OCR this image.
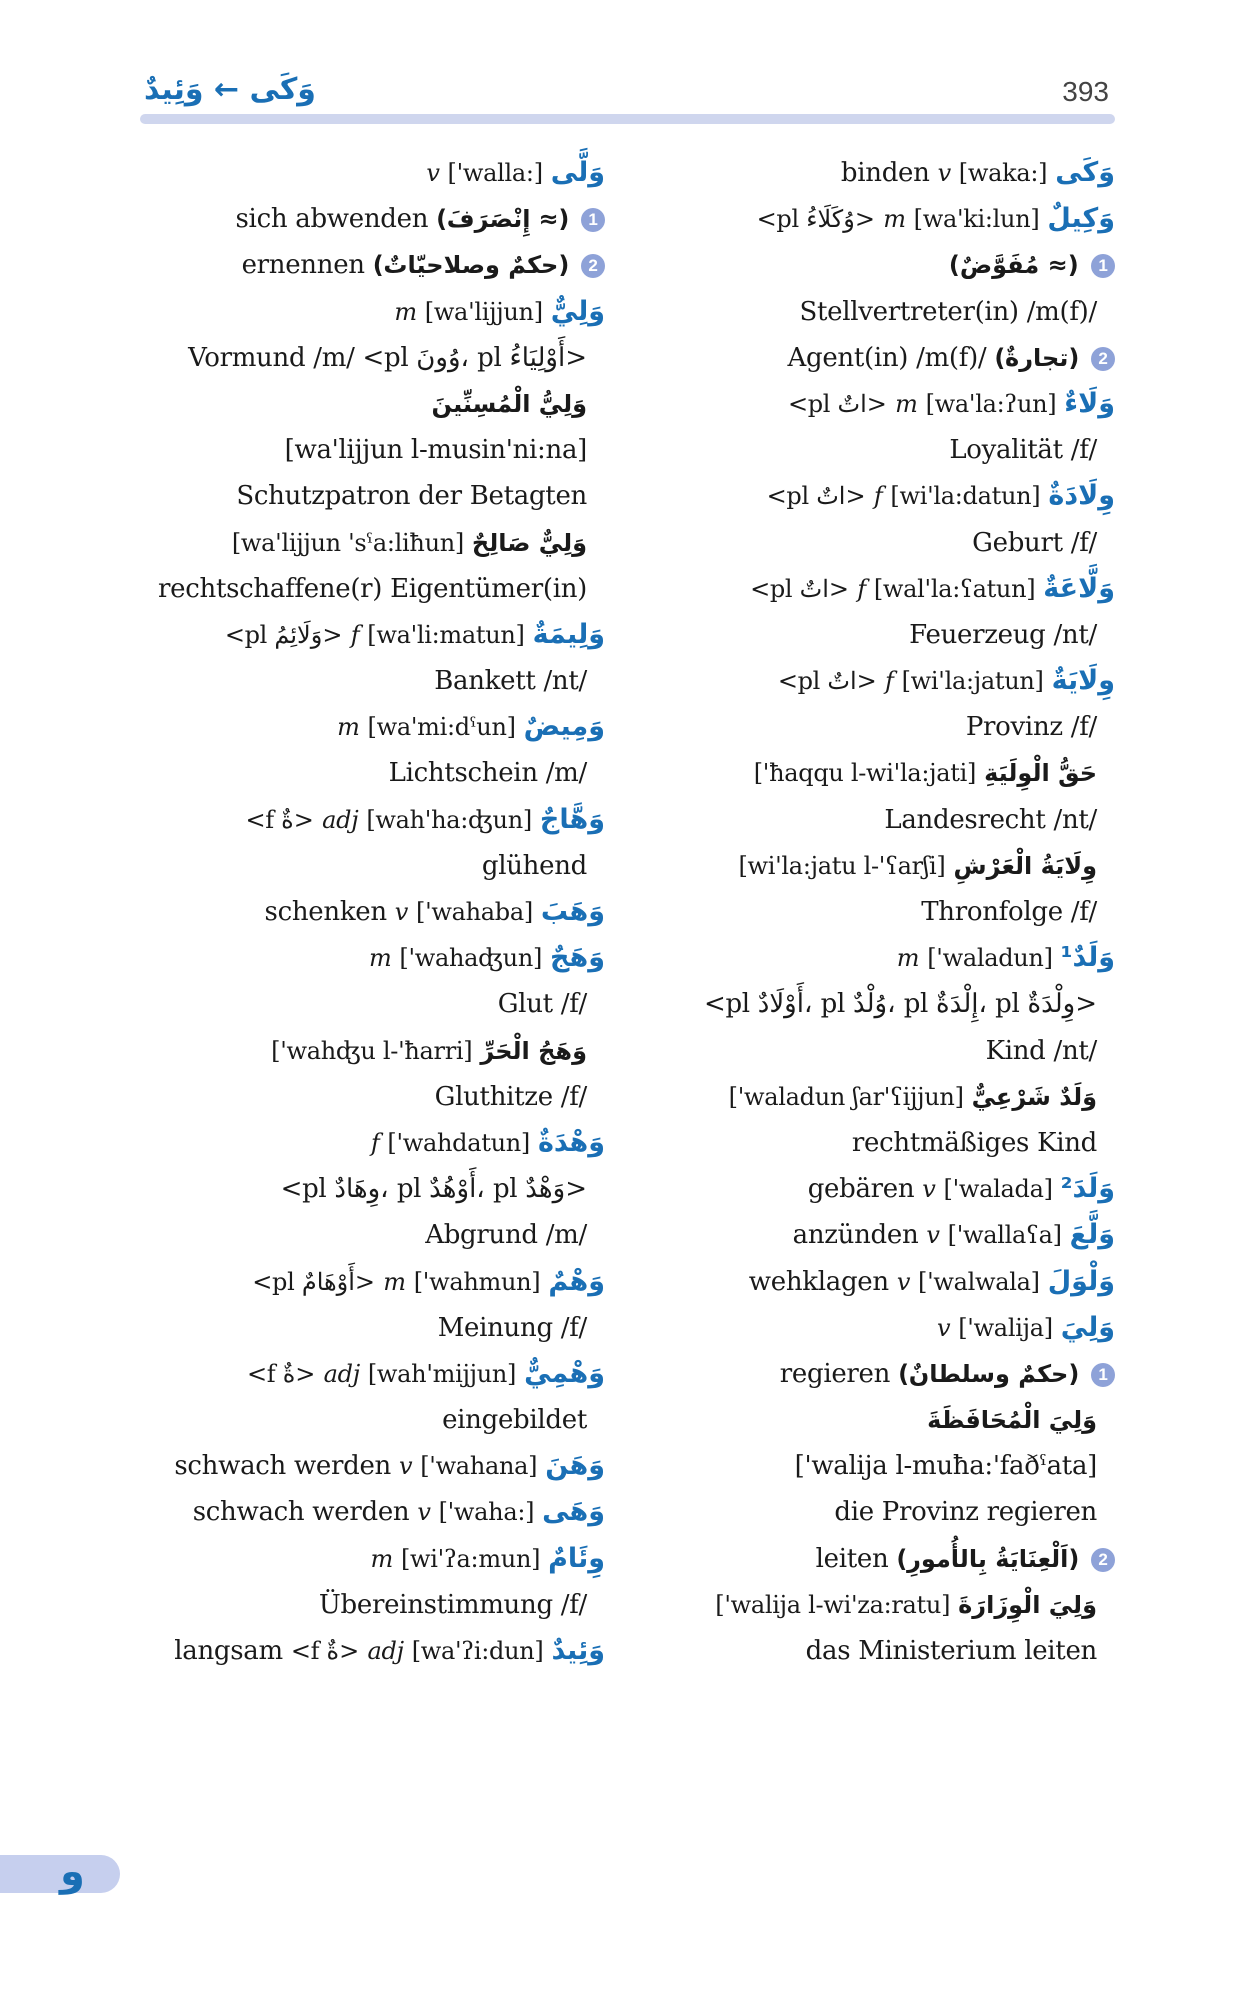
وَكَى ← وَئِيدٌ	393
v ['walla:] وَلَّى
sich abwenden (≈ إِنْصَرَفَ) 1
ernennen (حكمٌ وصلاحيّاتٌ) 2
m [wa'lijjun] وَلِيٌّ
Vormund /m/ <pl وُونَ، pl أَوْلِيَاءُ>
وَلِيُّ الْمُسِنِّينَ
[wa'lijjun l-musin'ni:na]
Schutzpatron der Betagten
[wa'lijjun 'sˤa:liħun] وَلِيٌّ صَالِحٌ
rechtschaffene(r) Eigentümer(in)
<pl وَلَائِمُ> f [wa'li:matun] وَلِيمَةٌ
Bankett /nt/
m [wa'mi:dˤun] وَمِيضٌ
Lichtschein /m/
<f ةٌ> adj [wah'ha:ʤun] وَهَّاجٌ
glühend
schenken v ['wahaba] وَهَبَ
m ['wahaʤun] وَهَجٌ
Glut /f/
['wahʤu l-'ħarri] وَهَجُ الْحَرِّ
Gluthitze /f/
f ['wahdatun] وَهْدَةٌ
<pl وِهَادٌ، pl أَوْهُدٌ، pl وَهْدٌ>
Abgrund /m/
<pl أَوْهَامٌ> m ['wahmun] وَهْمٌ
Meinung /f/
<f ةٌ> adj [wah'mijjun] وَهْمِيٌّ
eingebildet
schwach werden v ['wahana] وَهَنَ
schwach werden v ['waha:] وَهَى
m [wi'ʔa:mun] وِئَامٌ
Übereinstimmung /f/
langsam <f ةٌ> adj [wa'ʔi:dun] وَئِيدٌ
binden v [waka:] وَكَى
<pl وُكَلَاءُ> m [wa'ki:lun] وَكِيلٌ
(≈ مُفَوَّضٌ) 1
Stellvertreter(in) /m(f)/
Agent(in) /m(f)/ (تجارةٌ) 2
<pl اتٌ> m [wa'la:ʔun] وَلَاءٌ
Loyalität /f/
<pl اتٌ> f [wi'la:datun] وِلَادَةٌ
Geburt /f/
<pl اتٌ> f [wal'la:ʕatun] وَلَّاعَةٌ
Feuerzeug /nt/
<pl اتٌ> f [wi'la:jatun] وِلَايَةٌ
Provinz /f/
['ħaqqu l-wi'la:jati] حَقُّ الْوِلَيَةِ
Landesrecht /nt/
[wi'la:jatu l-'ʕarʃi] وِلَايَةُ الْعَرْشِ
Thronfolge /f/
m ['waladun] وَلَدٌ¹
<pl أَوْلَادٌ، pl وُلْدٌ، pl إِلْدَةٌ، pl وِلْدَةٌ>
Kind /nt/
['waladun ʃar'ʕijjun] وَلَدٌ شَرْعِيٌّ
rechtmäßiges Kind
gebären v ['walada] وَلَدَ²
anzünden v ['wallaʕa] وَلَّعَ
wehklagen v ['walwala] وَلْوَلَ
v ['walija] وَلِيَ
regieren (حكمٌ وسلطانٌ) 1
وَلِيَ الْمُحَافَظَةَ
['walija l-muħa:'faðˤata]
die Provinz regieren
leiten (اَلْعِنَايَةُ بِالأُمورِ) 2
['walija l-wi'za:ratu] وَلِيَ الْوِزَارَةَ
das Ministerium leiten
و
